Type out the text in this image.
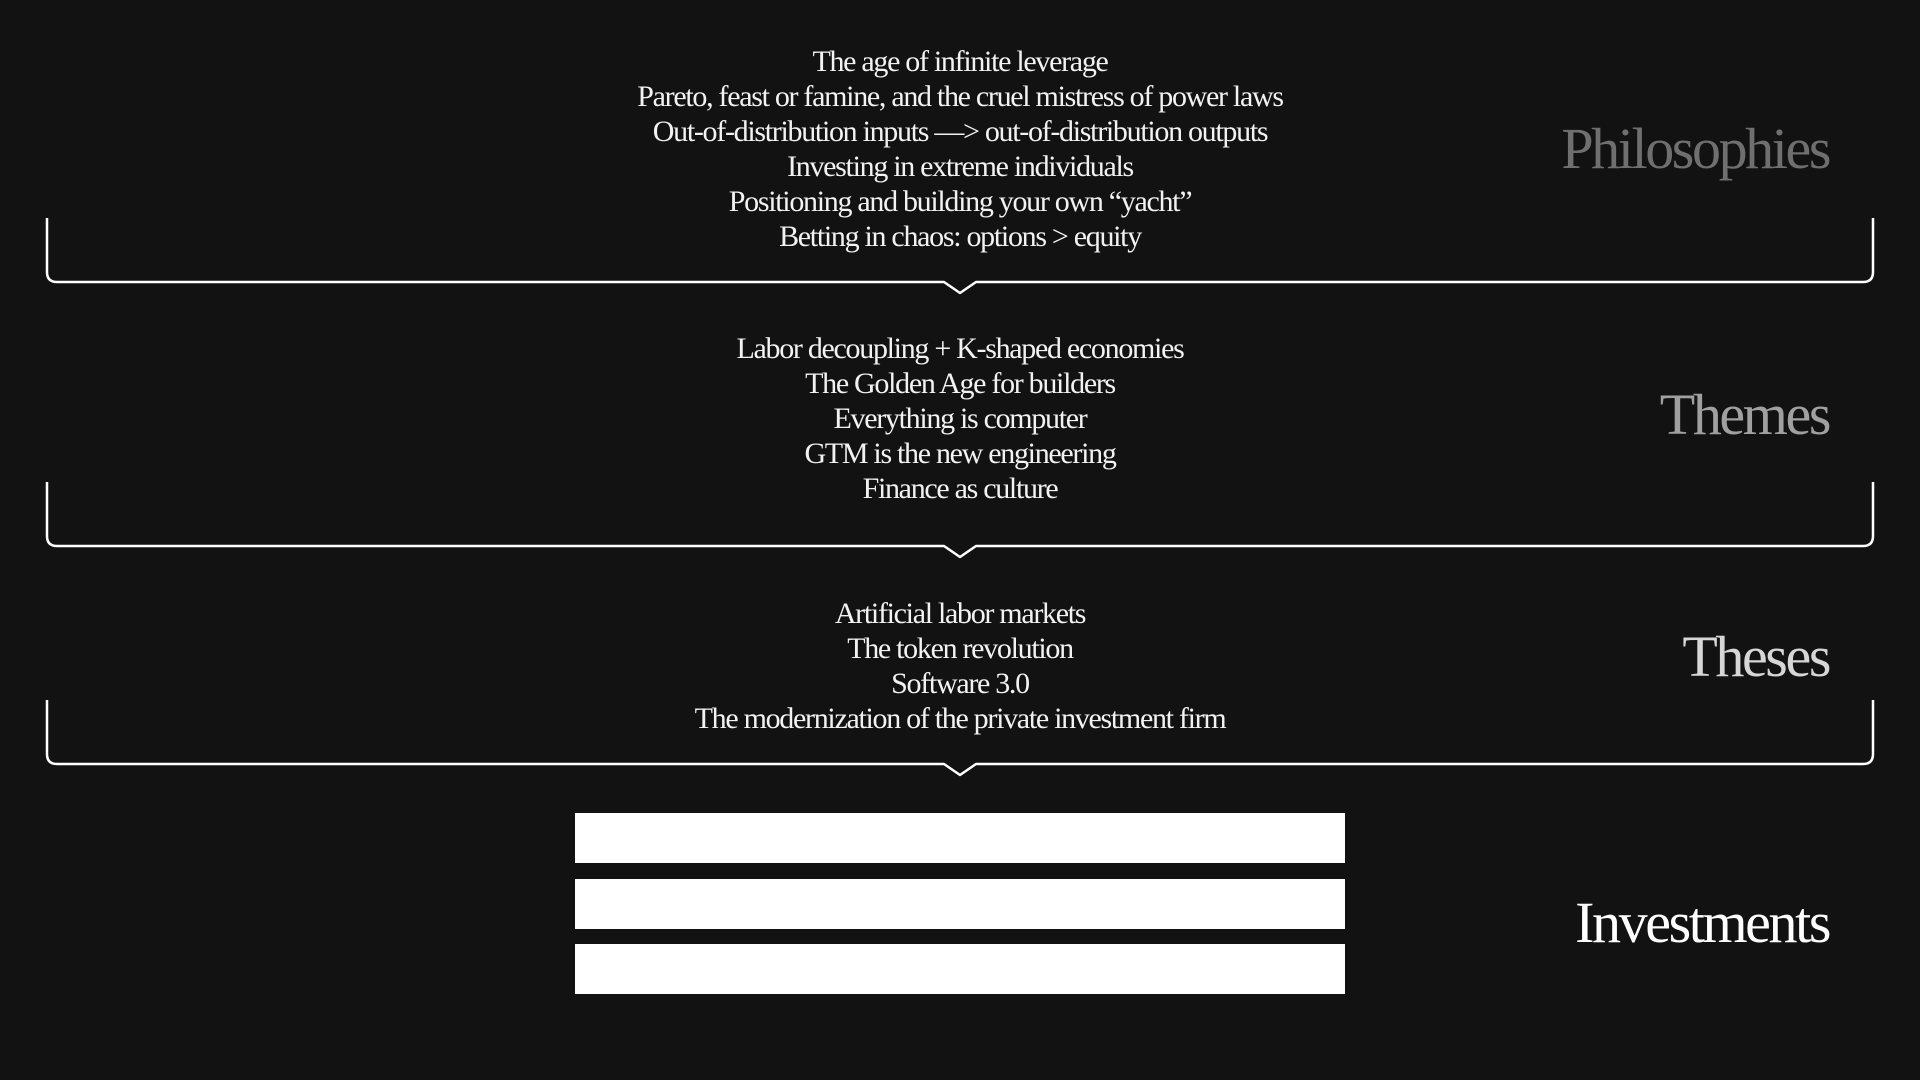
The age of infinite leverage
Pareto, feast or famine, and the cruel mistress of power laws
Out-of-distribution inputs —> out-of-distribution outputs
Investing in extreme individuals
Positioning and building your own “yacht”
Betting in chaos: options > equity
Philosophies
Labor decoupling + K-shaped economies
The Golden Age for builders
Everything is computer
GTM is the new engineering
Finance as culture
Themes
Artificial labor markets
The token revolution
Software 3.0
The modernization of the private investment firm
Theses
Investments
